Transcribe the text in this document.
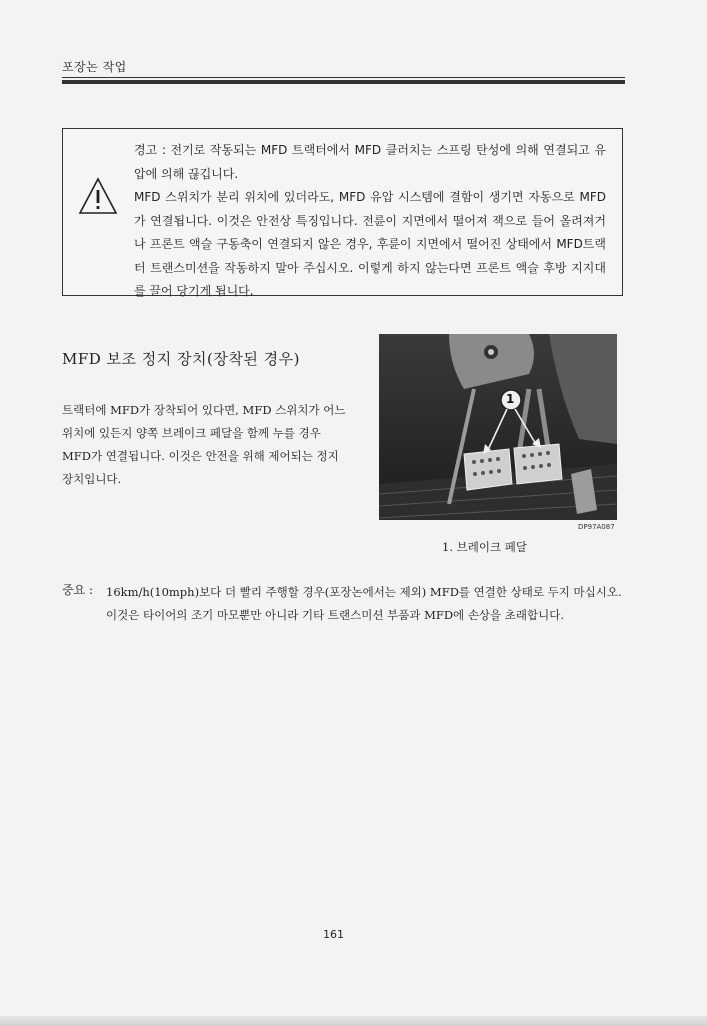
포장논 작업

경고 : 전기로 작동되는 MFD 트랙터에서 MFD 클러치는 스프링 탄성에 의해 연결되고 유압에 의해 끊깁니다.

MFD 스위치가 분리 위치에 있더라도, MFD 유압 시스템에 결함이 생기면 자동으로 MFD가 연결됩니다. 이것은 안전상 특징입니다. 전륜이 지면에서 떨어져 잭으로 들어 올려져거나 프론트 액슬 구동축이 연결되지 않은 경우, 후륜이 지면에서 떨어진 상태에서 MFD트랙터 트랜스미션을 작동하지 말아 주십시오. 이렇게 하지 않는다면 프론트 액슬 후방 지지대를 끌어 당기게 됩니다.

MFD 보조 정지 장치(장착된 경우)

트랙터에 MFD가 장착되어 있다면, MFD 스위치가 어느 위치에 있든지 양쪽 브레이크 페달을 함께 누를 경우 MFD가 연결됩니다. 이것은 안전을 위해 제어되는 정지 장치입니다.

1
DP97A087
1. 브레이크 페달
중요 : 16km/h(10mph)보다 더 빨리 주행할 경우(포장논에서는 제외) MFD를 연결한 상태로 두지 마십시오. 이것은 타이어의 조기 마모뿐만 아니라 기타 트랜스미션 부품과 MFD에 손상을 초래합니다.

161
